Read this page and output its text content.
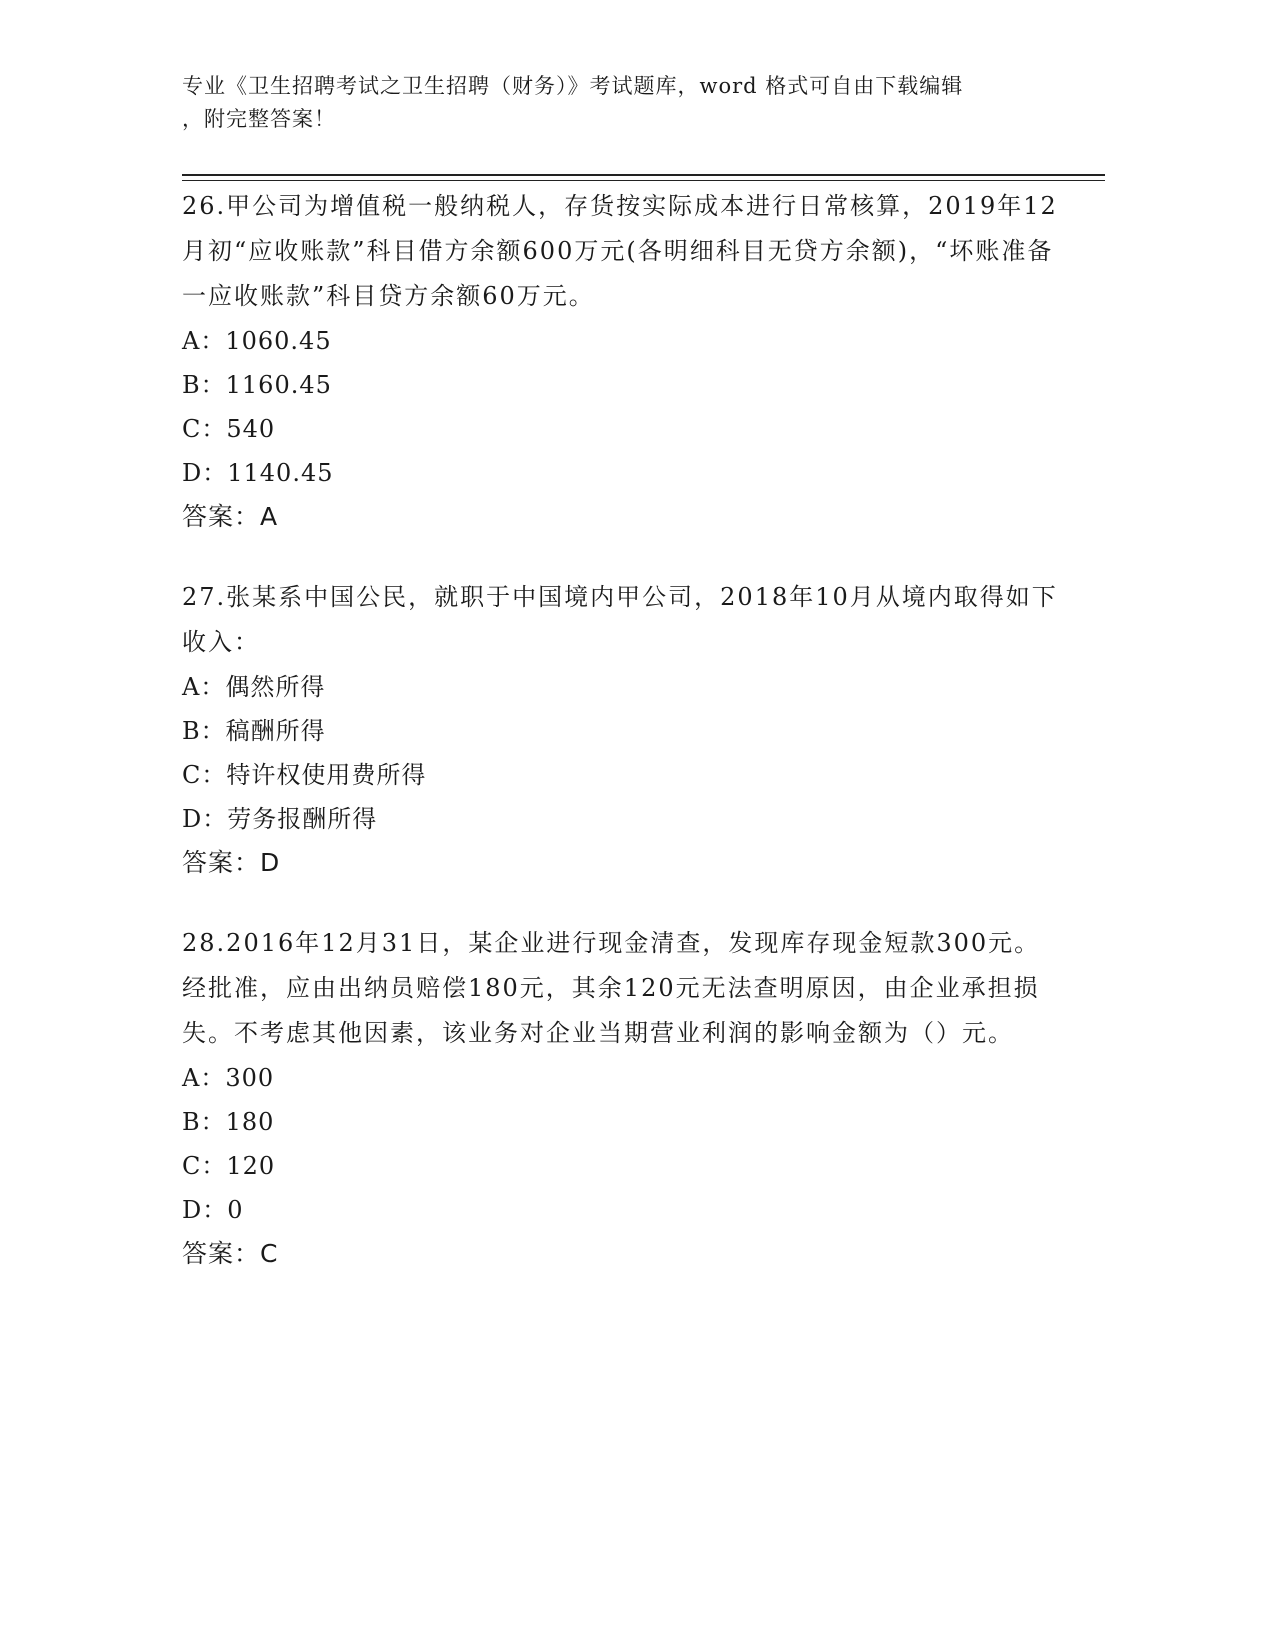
专业《卫生招聘考试之卫生招聘（财务）》考试题库，word 格式可自由下载编辑
，附完整答案！

26.甲公司为增值税一般纳税人，存货按实际成本进行日常核算，2019年12月初“应收账款”科目借方余额600万元(各明细科目无贷方余额)，“坏账准备一应收账款”科目贷方余额60万元。

A：1060.45

B：1160.45

C：540

D：1140.45

答案：A

27.张某系中国公民，就职于中国境内甲公司，2018年10月从境内取得如下收入：

A：偶然所得

B：稿酬所得

C：特许权使用费所得

D：劳务报酬所得

答案：D

28.2016年12月31日，某企业进行现金清查，发现库存现金短款300元。经批准，应由出纳员赔偿180元，其余120元无法查明原因，由企业承担损失。不考虑其他因素，该业务对企业当期营业利润的影响金额为（）元。

A：300

B：180

C：120

D：0

答案：C
